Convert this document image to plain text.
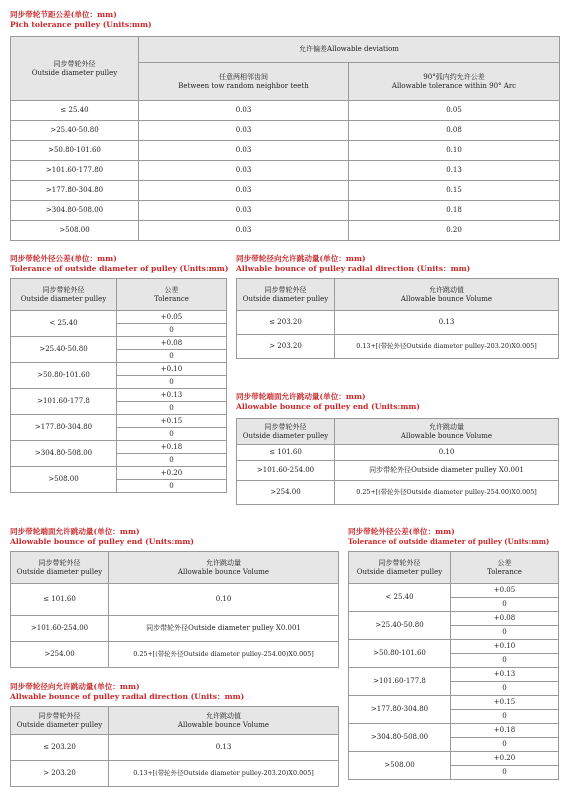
同步带轮节距公差(单位：mm)
Pich tolerance pulley (Units:mm)
同步带轮外径
Outside diameter pulley	允许偏差Allowable deviatiom	

	任意两相邻齿间
Between tow random neighbor teeth	90°弧内约允许公差
Allowable tolerance within 90° Arc

≤ 25.40	0.03	0.05
>25.40-50.80	0.03	0.08
>50.80-101.60	0.03	0.10
>101.60-177.80	0.03	0.13
>177.80-304.80	0.03	0.15
>304.80-508.00	0.03	0.18
>508.00	0.03	0.20
同步带轮外径公差(单位：mm)
Tolerance of outside diameter of pulley (Units:mm)
同步带轮外径
Outside diameter pulley	公差
Tolerance

< 25.40	+0.05
	0
>25.40-50.80	+0.08
	0
>50.80-101.60	+0.10
	0
>101.60-177.8	+0.13
	0
>177.80-304.80	+0.15
	0
>304.80-508.00	+0.18
	0
>508.00	+0.20
	0
同步带轮径向允许跳动量(单位：mm)
Allwable bounce of pulley radial direction (Units：mm)
同步带轮外径
Outside diameter pulley	允许跳动值
Allowable bounce Volume

≤ 203.20	0.13
> 203.20	0.13+[(带轮外径Outside diameter pulley-203.20)X0.005]
同步带轮端面允许跳动量(单位：mm)
Allowable bounce of pulley end (Units:mm)
同步带轮外径
Outside diameter pulley	允许跳动量
Allowable bounce Volume

≤ 101.60	0.10
>101.60-254.00	同步带轮外径Outside diameter pulley X0.001
>254.00	0.25+[(带轮外径Outside diameter pulley-254.00)X0.005]
同步带轮端面允许跳动量(单位：mm)
Allowable bounce of pulley end (Units:mm)
同步带轮外径
Outside diameter pulley	允许跳动量
Allowable bounce Volume

≤ 101.60	0.10
>101.60-254.00	同步带轮外径Outside diameter pulley X0.001
>254.00	0.25+[(带轮外径Outside diameter pulley-254.00)X0.005]
同步带轮径向允许跳动量(单位：mm)
Allwable bounce of pulley radial direction (Units：mm)
同步带轮外径
Outside diameter pulley	允许跳动值
Allowable bounce Volume

≤ 203.20	0.13
> 203.20	0.13+[(带轮外径Outside diameter pulley-203.20)X0.005]
同步带轮外径公差(单位：mm)
Tolerance of outside diameter of pulley (Units:mm)
同步带轮外径
Outside diameter pulley	公差
Tolerance

< 25.40	+0.05
	0
>25.40-50.80	+0.08
	0
>50.80-101.60	+0.10
	0
>101.60-177.8	+0.13
	0
>177.80-304.80	+0.15
	0
>304.80-508.00	+0.18
	0
>508.00	+0.20
	0
